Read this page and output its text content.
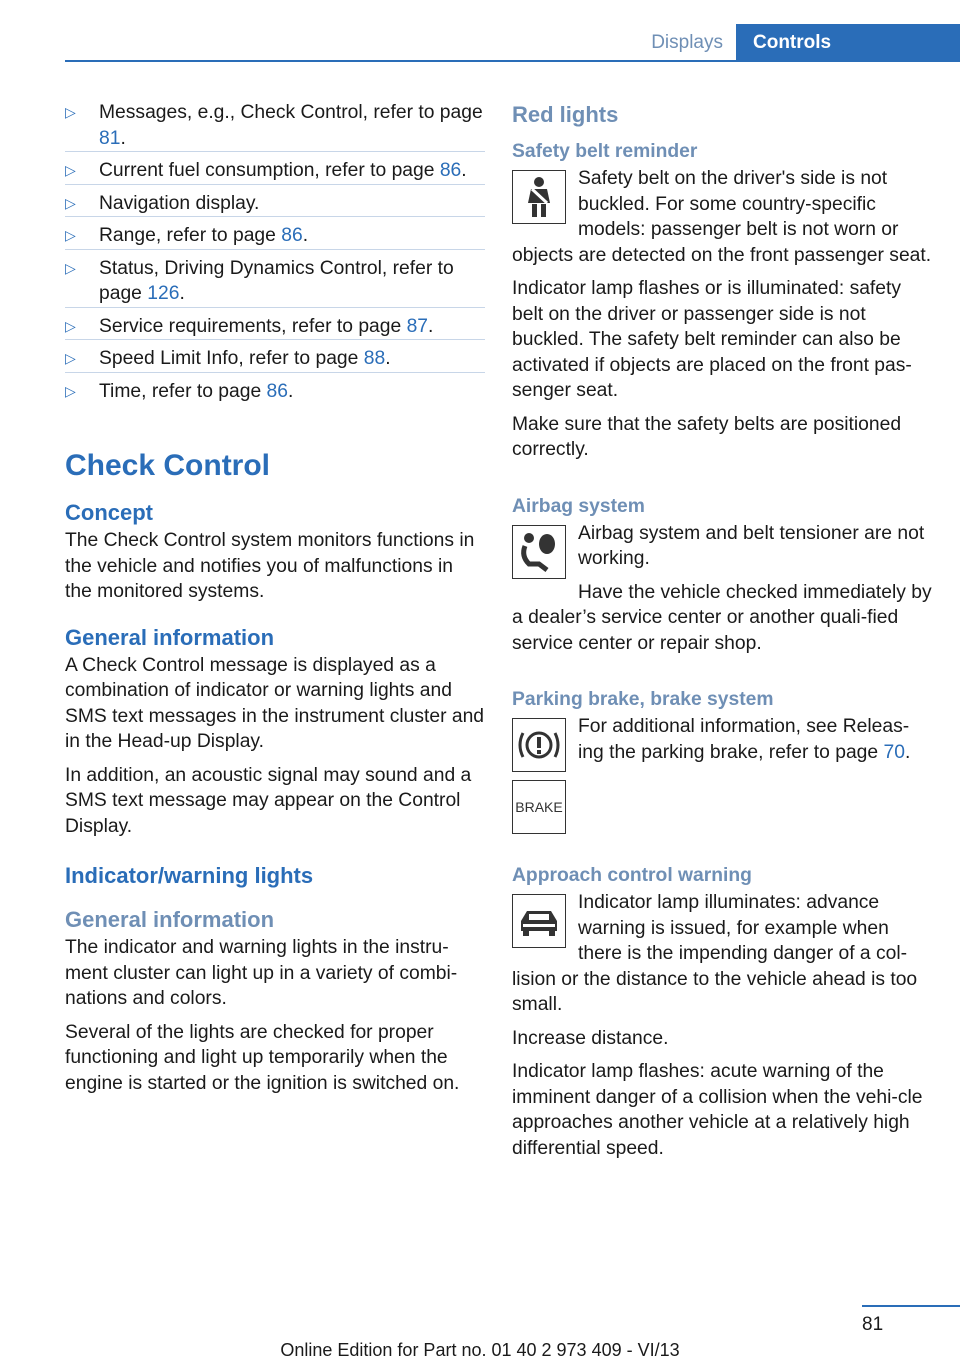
Displays	Controls
▷ Messages, e.g., Check Control, refer to page 81.
▷ Current fuel consumption, refer to page 86.
▷ Navigation display.
▷ Range, refer to page 86.
▷ Status, Driving Dynamics Control, refer to page 126.
▷ Service requirements, refer to page 87.
▷ Speed Limit Info, refer to page 88.
▷ Time, refer to page 86.
Check Control
Concept

The Check Control system monitors functions in the vehicle and notifies you of malfunctions in the monitored systems.

General information

A Check Control message is displayed as a combination of indicator or warning lights and SMS text messages in the instrument cluster and in the Head-up Display.

In addition, an acoustic signal may sound and a SMS text message may appear on the Control Display.

Indicator/warning lights
General information

The indicator and warning lights in the instru‐ment cluster can light up in a variety of combi‐nations and colors.

Several of the lights are checked for proper functioning and light up temporarily when the engine is started or the ignition is switched on.

Red lights
Safety belt reminder

Safety belt on the driver's side is not buckled. For some country-specific models: passenger belt is not worn or objects are detected on the front passenger seat.

Indicator lamp flashes or is illuminated: safety belt on the driver or passenger side is not buckled. The safety belt reminder can also be activated if objects are placed on the front pas‐senger seat.

Make sure that the safety belts are positioned correctly.

Airbag system

Airbag system and belt tensioner are not working.

Have the vehicle checked immediately by a dealer’s service center or another quali‐fied service center or repair shop.

Parking brake, brake system

For additional information, see Releas‐ing the parking brake, refer to page 70.

BRAKE
Approach control warning

Indicator lamp illuminates: advance warning is issued, for example when there is the impending danger of a col‐lision or the distance to the vehicle ahead is too small.

Increase distance.

Indicator lamp flashes: acute warning of the imminent danger of a collision when the vehi‐cle approaches another vehicle at a relatively high differential speed.

81
Online Edition for Part no. 01 40 2 973 409 - VI/13
